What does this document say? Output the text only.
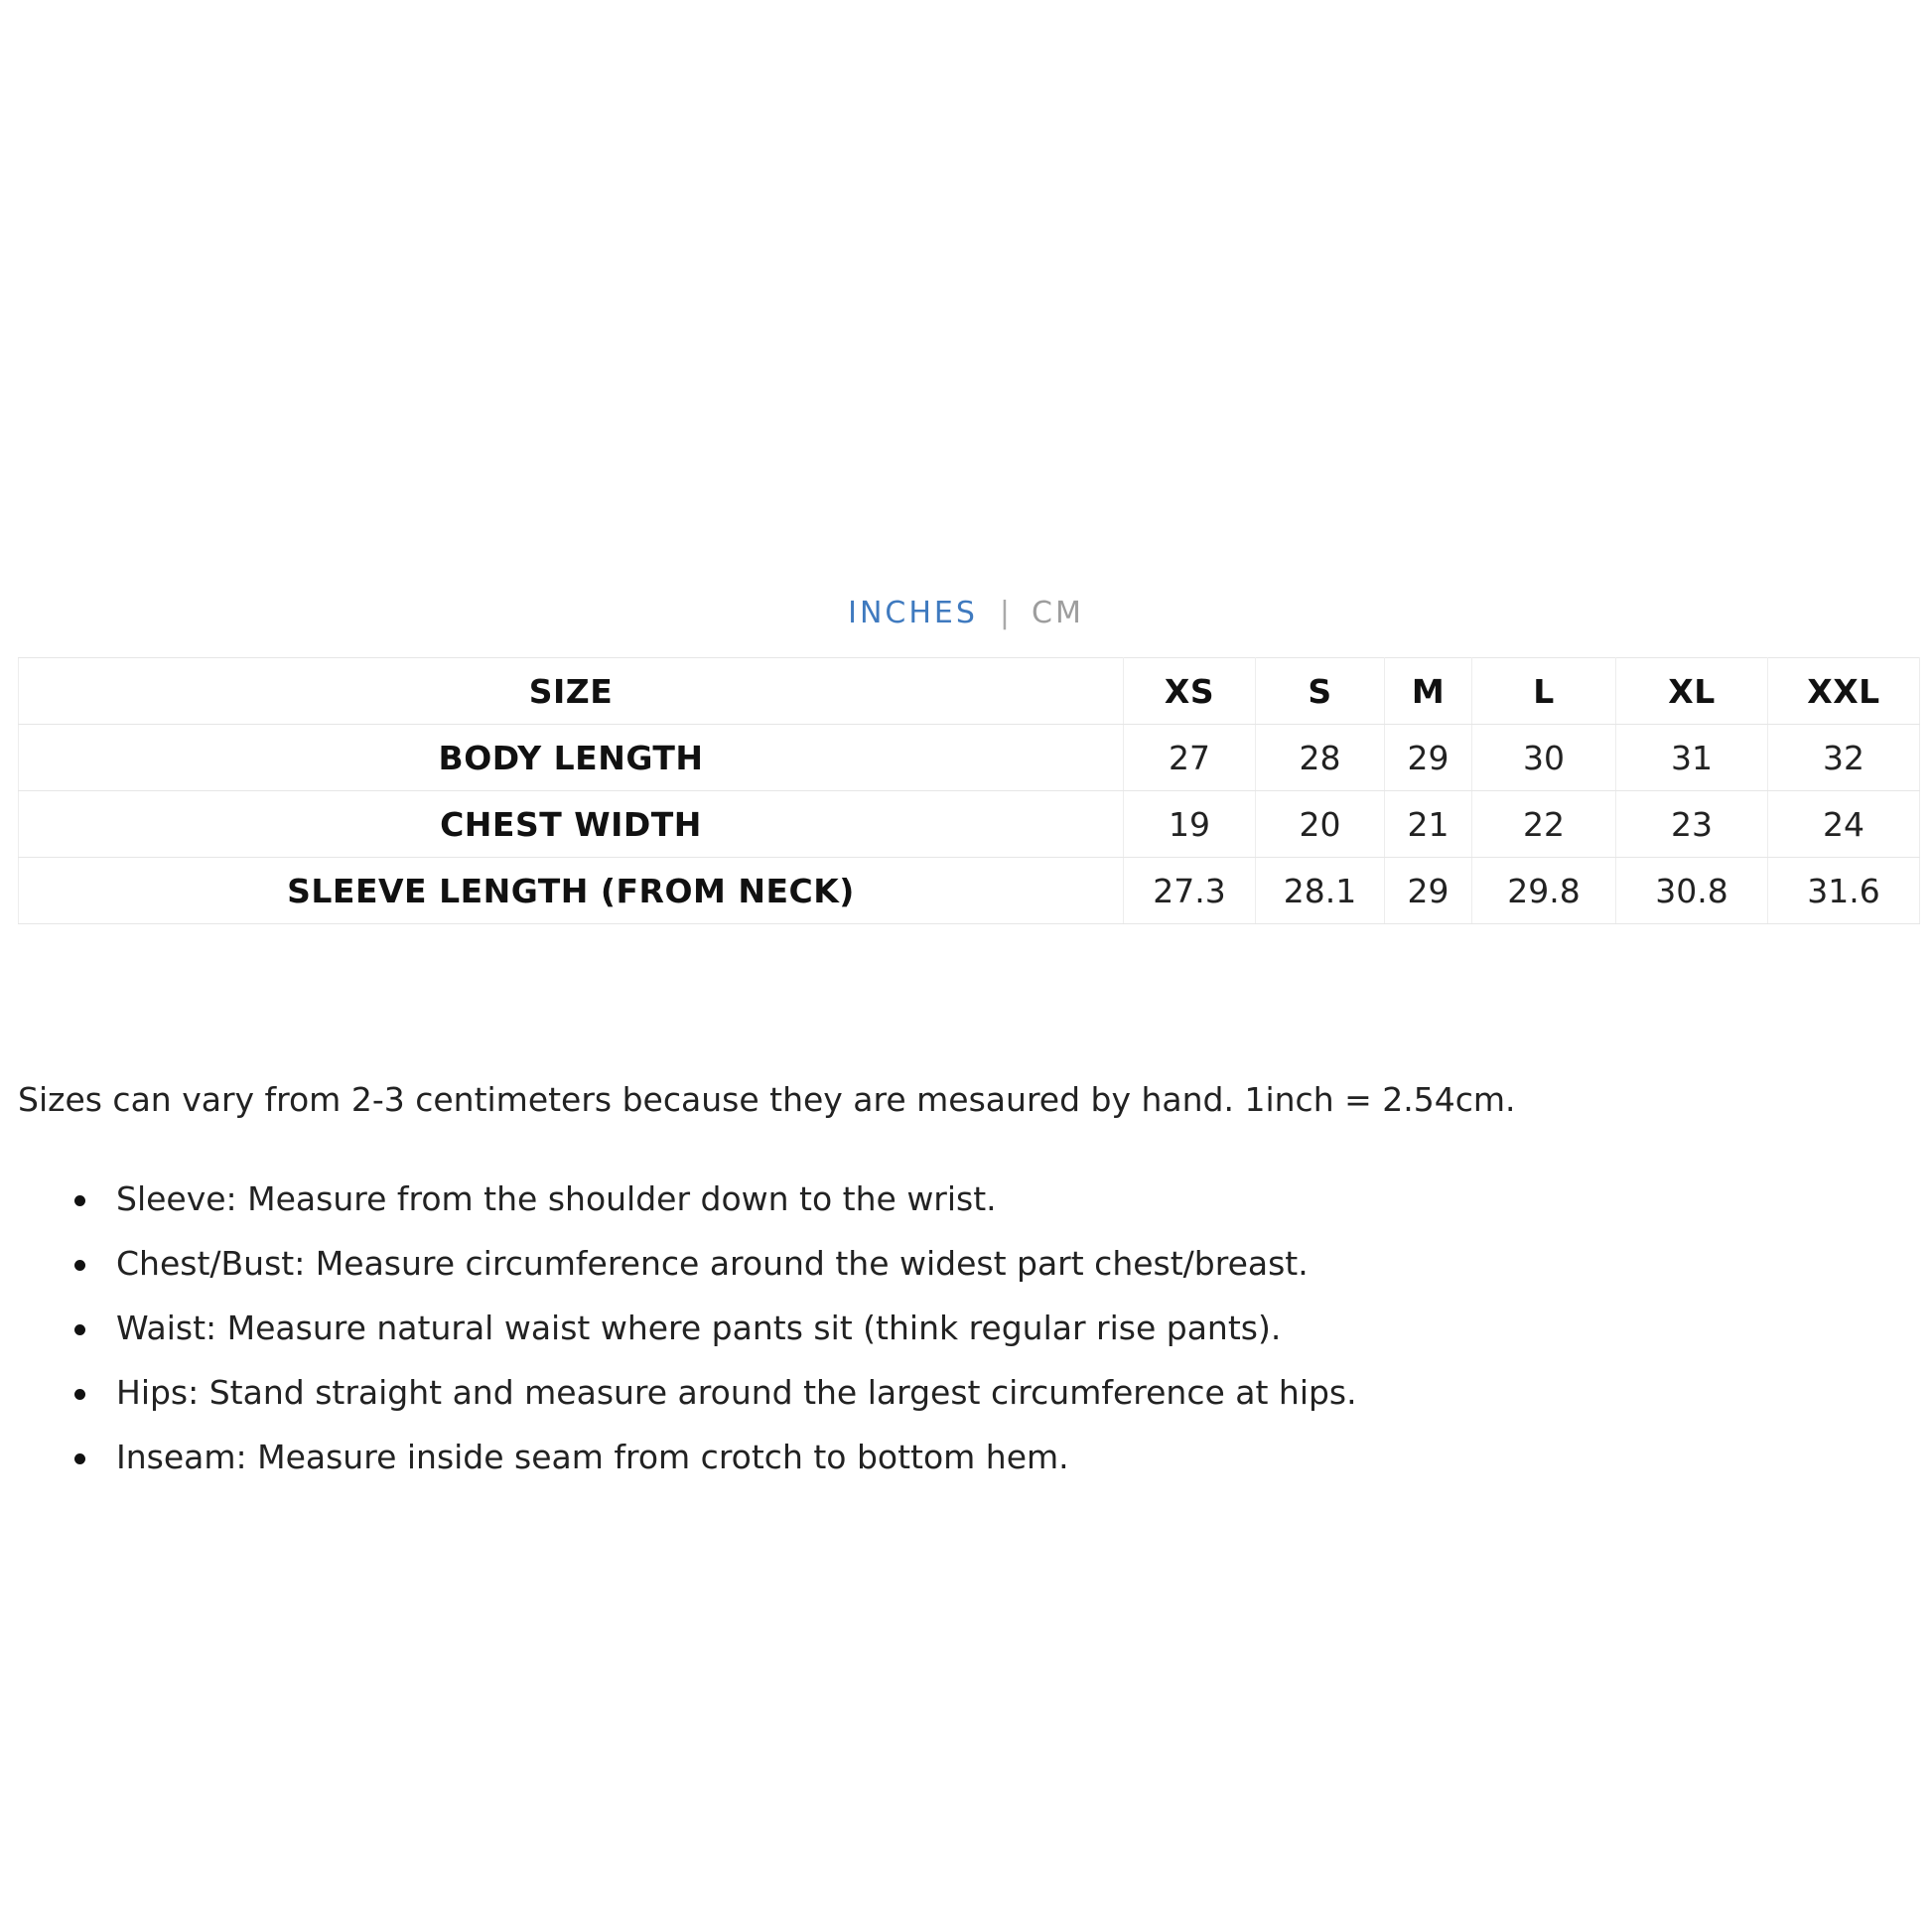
INCHES | CM
SIZE	XS	S	M	L	XL	XXL
BODY LENGTH	27	28	29	30	31	32
CHEST WIDTH	19	20	21	22	23	24
SLEEVE LENGTH (FROM NECK)	27.3	28.1	29	29.8	30.8	31.6
Sizes can vary from 2-3 centimeters because they are mesaured by hand. 1inch = 2.54cm.
Sleeve: Measure from the shoulder down to the wrist.
Chest/Bust: Measure circumference around the widest part chest/breast.
Waist: Measure natural waist where pants sit (think regular rise pants).
Hips: Stand straight and measure around the largest circumference at hips.
Inseam: Measure inside seam from crotch to bottom hem.
